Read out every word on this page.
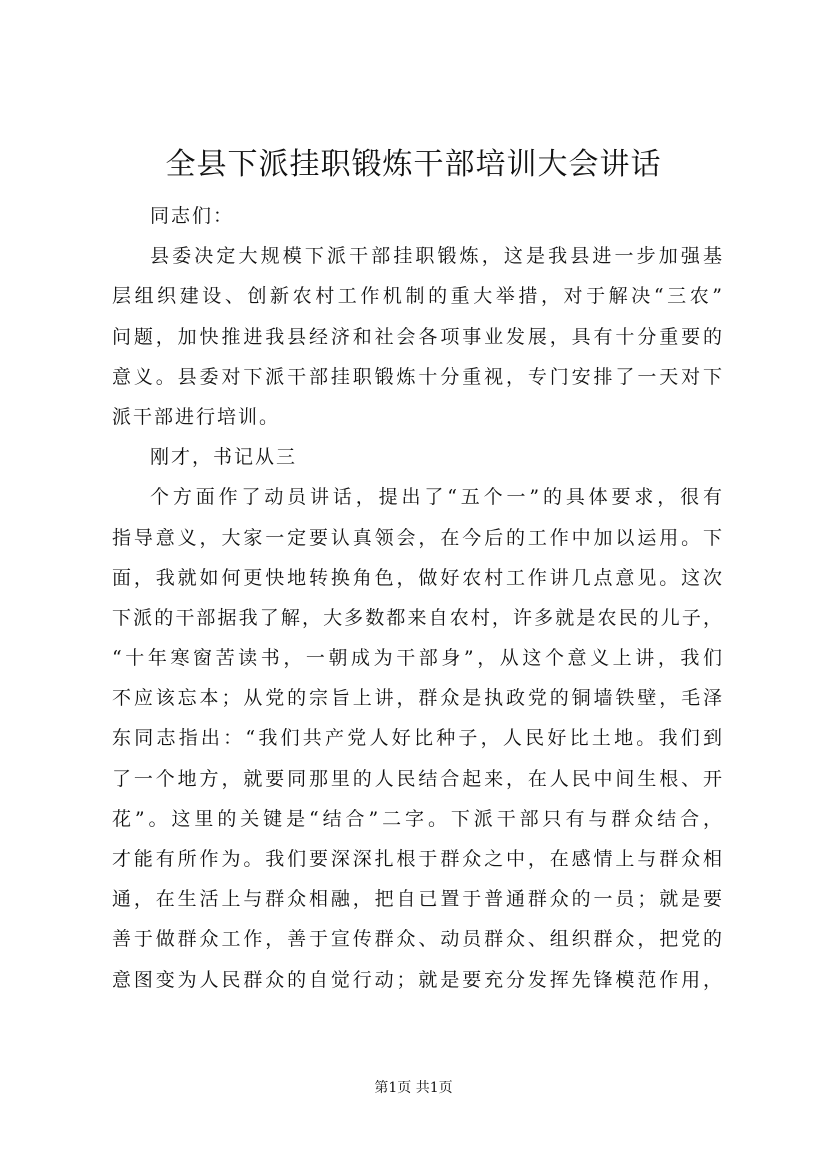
全县下派挂职锻炼干部培训大会讲话
同志们：
县委决定大规模下派干部挂职锻炼，这是我县进一步加强基
层组织建设、创新农村工作机制的重大举措，对于解决“三农”
问题，加快推进我县经济和社会各项事业发展，具有十分重要的
意义。县委对下派干部挂职锻炼十分重视，专门安排了一天对下
派干部进行培训。
刚才，书记从三
个方面作了动员讲话，提出了“五个一”的具体要求，很有
指导意义，大家一定要认真领会，在今后的工作中加以运用。下
面，我就如何更快地转换角色，做好农村工作讲几点意见。这次
下派的干部据我了解，大多数都来自农村，许多就是农民的儿子，
“十年寒窗苦读书，一朝成为干部身”，从这个意义上讲，我们
不应该忘本；从党的宗旨上讲，群众是执政党的铜墙铁壁，毛泽
东同志指出：“我们共产党人好比种子，人民好比土地。我们到
了一个地方，就要同那里的人民结合起来，在人民中间生根、开
花”。这里的关键是“结合”二字。下派干部只有与群众结合，
才能有所作为。我们要深深扎根于群众之中，在感情上与群众相
通，在生活上与群众相融，把自已置于普通群众的一员；就是要
善于做群众工作，善于宣传群众、动员群众、组织群众，把党的
意图变为人民群众的自觉行动；就是要充分发挥先锋模范作用，
第1页 共1页
